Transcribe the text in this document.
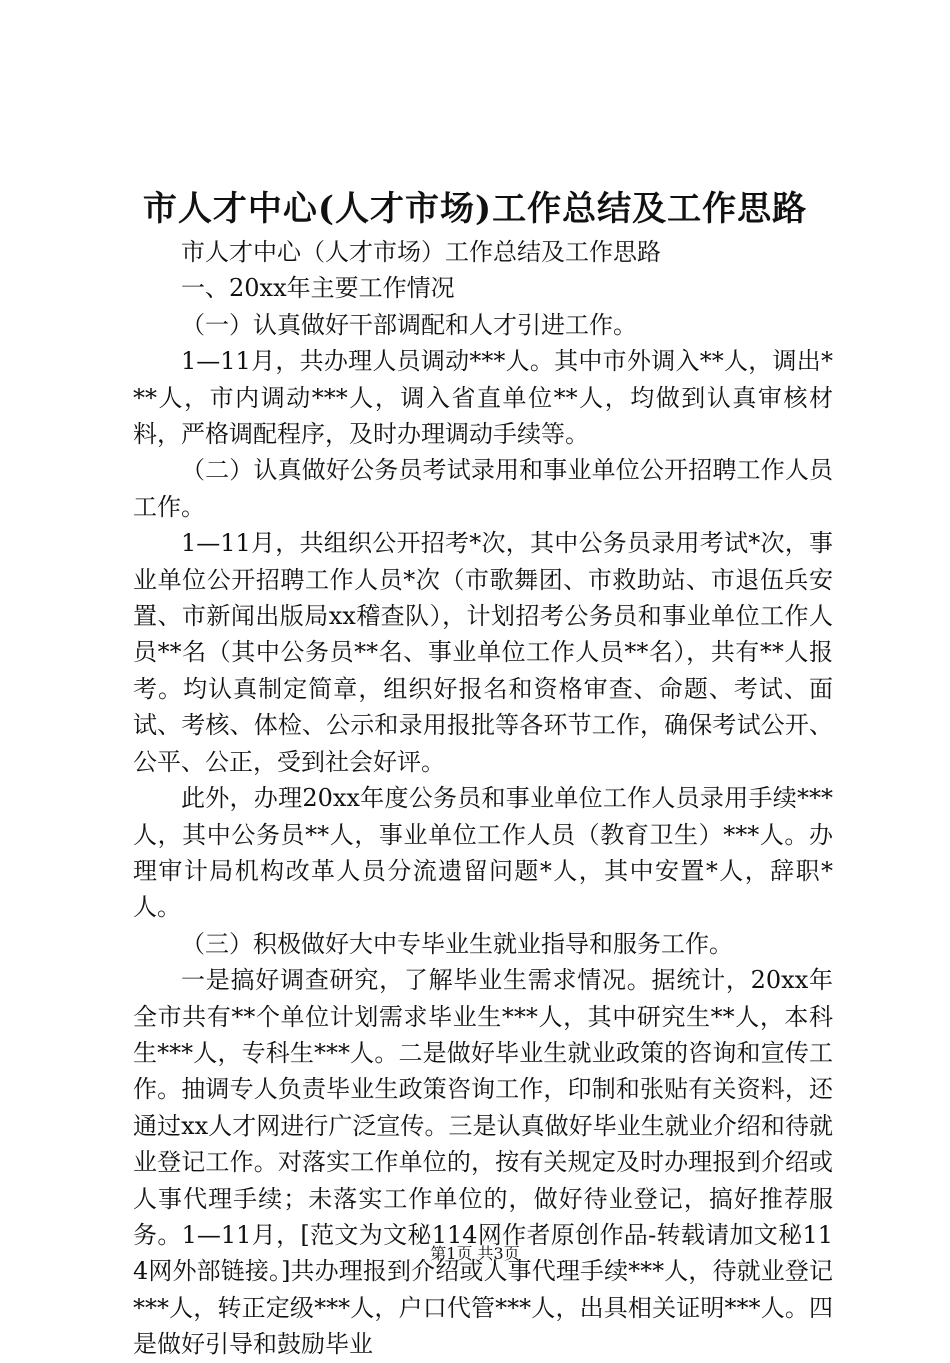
市人才中心(人才市场)工作总结及工作思路

市人才中心（人才市场）工作总结及工作思路

一、20xx年主要工作情况

（一）认真做好干部调配和人才引进工作。

1—11月，共办理人员调动***人。其中市外调入**人，调出***人，市内调动***人，调入省直单位**人，均做到认真审核材料，严格调配程序，及时办理调动手续等。

（二）认真做好公务员考试录用和事业单位公开招聘工作人员工作。

1—11月，共组织公开招考*次，其中公务员录用考试*次，事业单位公开招聘工作人员*次（市歌舞团、市救助站、市退伍兵安置、市新闻出版局xx稽查队），计划招考公务员和事业单位工作人员**名（其中公务员**名、事业单位工作人员**名），共有**人报考。均认真制定简章，组织好报名和资格审查、命题、考试、面试、考核、体检、公示和录用报批等各环节工作，确保考试公开、公平、公正，受到社会好评。

此外，办理20xx年度公务员和事业单位工作人员录用手续***人，其中公务员**人，事业单位工作人员（教育卫生）***人。办理审计局机构改革人员分流遗留问题*人，其中安置*人，辞职*人。

（三）积极做好大中专毕业生就业指导和服务工作。

一是搞好调查研究，了解毕业生需求情况。据统计，20xx年全市共有**个单位计划需求毕业生***人，其中研究生**人，本科生***人，专科生***人。二是做好毕业生就业政策的咨询和宣传工作。抽调专人负责毕业生政策咨询工作，印制和张贴有关资料，还通过xx人才网进行广泛宣传。三是认真做好毕业生就业介绍和待就业登记工作。对落实工作单位的，按有关规定及时办理报到介绍或人事代理手续；未落实工作单位的，做好待业登记，搞好推荐服务。1—11月，[范文为文秘114网作者原创作品-转载请加文秘114网外部链接。]共办理报到介绍或人事代理手续***人，待就业登记***人，转正定级***人，户口代管***人，出具相关证明***人。四是做好引导和鼓励毕业

第1页 共3页
